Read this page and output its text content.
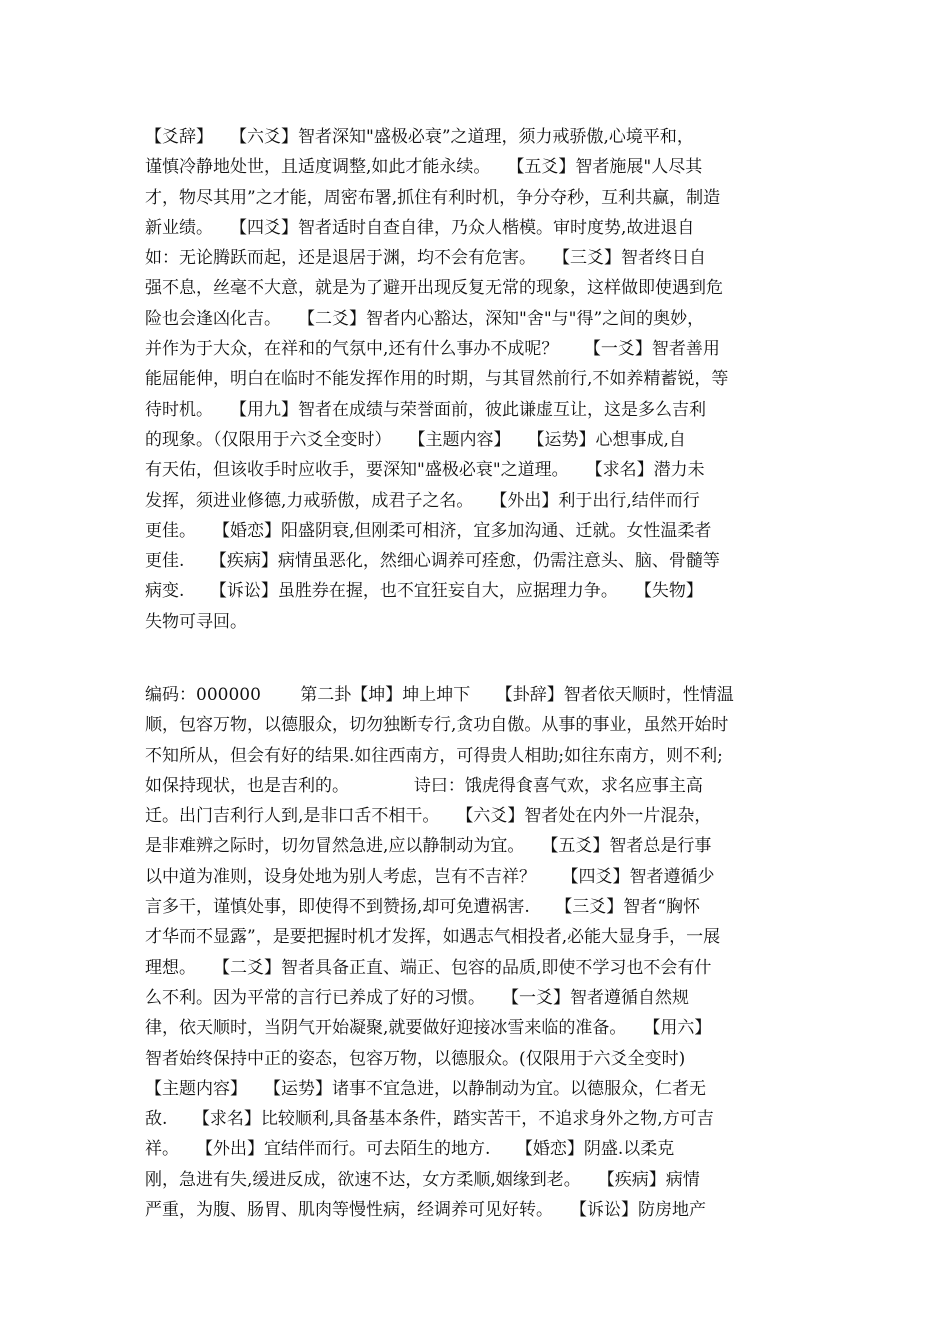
【爻辞】　　【六爻】智者深知"盛极必衰”之道理，须力戒骄傲,心境平和，
谨慎冷静地处世，且适度调整,如此才能永续。　　【五爻】智者施展"人尽其
才，物尽其用”之才能，周密布署,抓住有利时机，争分夺秒，互利共赢，制造
新业绩。　　【四爻】智者适时自查自律，乃众人楷模。审时度势,故进退自
如：无论腾跃而起，还是退居于渊，均不会有危害。　　【三爻】智者终日自
强不息，丝毫不大意，就是为了避开出现反复无常的现象，这样做即使遇到危
险也会逢凶化吉。　　【二爻】智者内心豁达，深知"舍"与"得”之间的奥妙，
并作为于大众，在祥和的气氛中,还有什么事办不成呢？　　【一爻】智者善用
能屈能伸，明白在临时不能发挥作用的时期，与其冒然前行,不如养精蓄锐，等
待时机。　　【用九】智者在成绩与荣誉面前，彼此谦虚互让，这是多么吉利
的现象。（仅限用于六爻全变时）　　【主题内容】　　【运势】心想事成,自
有天佑，但该收手时应收手，要深知"盛极必衰"之道理。　　【求名】潜力未
发挥，须进业修德,力戒骄傲，成君子之名。　　【外出】利于出行,结伴而行
更佳。　　【婚恋】阳盛阴衰,但刚柔可相济，宜多加沟通、迁就。女性温柔者
更佳.　　【疾病】病情虽恶化，然细心调养可痊愈，仍需注意头、脑、骨髓等
病变.　　【诉讼】虽胜券在握，也不宜狂妄自大，应据理力争。　　【失物】
失物可寻回。
编码：000000　　 第二卦【坤】坤上坤下　　【卦辞】智者依天顺时，性情温
顺，包容万物，以德服众，切勿独断专行,贪功自傲。从事的事业，虽然开始时
不知所从，但会有好的结果.如往西南方，可得贵人相助;如往东南方，则不利;
如保持现状，也是吉利的。　　　　 诗曰：饿虎得食喜气欢，求名应事主高
迁。出门吉利行人到,是非口舌不相干。　　【六爻】智者处在内外一片混杂，
是非难辨之际时，切勿冒然急进,应以静制动为宜。　　【五爻】智者总是行事
以中道为准则，设身处地为别人考虑，岂有不吉祥？　　【四爻】智者遵循少
言多干，谨慎处事，即使得不到赞扬,却可免遭祸害.　　【三爻】智者“胸怀
才华而不显露”，是要把握时机才发挥，如遇志气相投者,必能大显身手，一展
理想。　　【二爻】智者具备正直、端正、包容的品质,即使不学习也不会有什
么不利。因为平常的言行已养成了好的习惯。　　【一爻】智者遵循自然规
律，依天顺时，当阴气开始凝聚,就要做好迎接冰雪来临的准备。　　【用六】
智者始终保持中正的姿态，包容万物，以德服众。(仅限用于六爻全变时)
【主题内容】　　【运势】诸事不宜急进，以静制动为宜。以德服众，仁者无
敌.　　【求名】比较顺利,具备基本条件，踏实苦干，不追求身外之物,方可吉
祥。　　【外出】宜结伴而行。可去陌生的地方.　　【婚恋】阴盛.以柔克
刚，急进有失,缓进反成，欲速不达，女方柔顺,姻缘到老。　　【疾病】病情
严重，为腹、肠胃、肌肉等慢性病，经调养可见好转。　　【诉讼】防房地产
